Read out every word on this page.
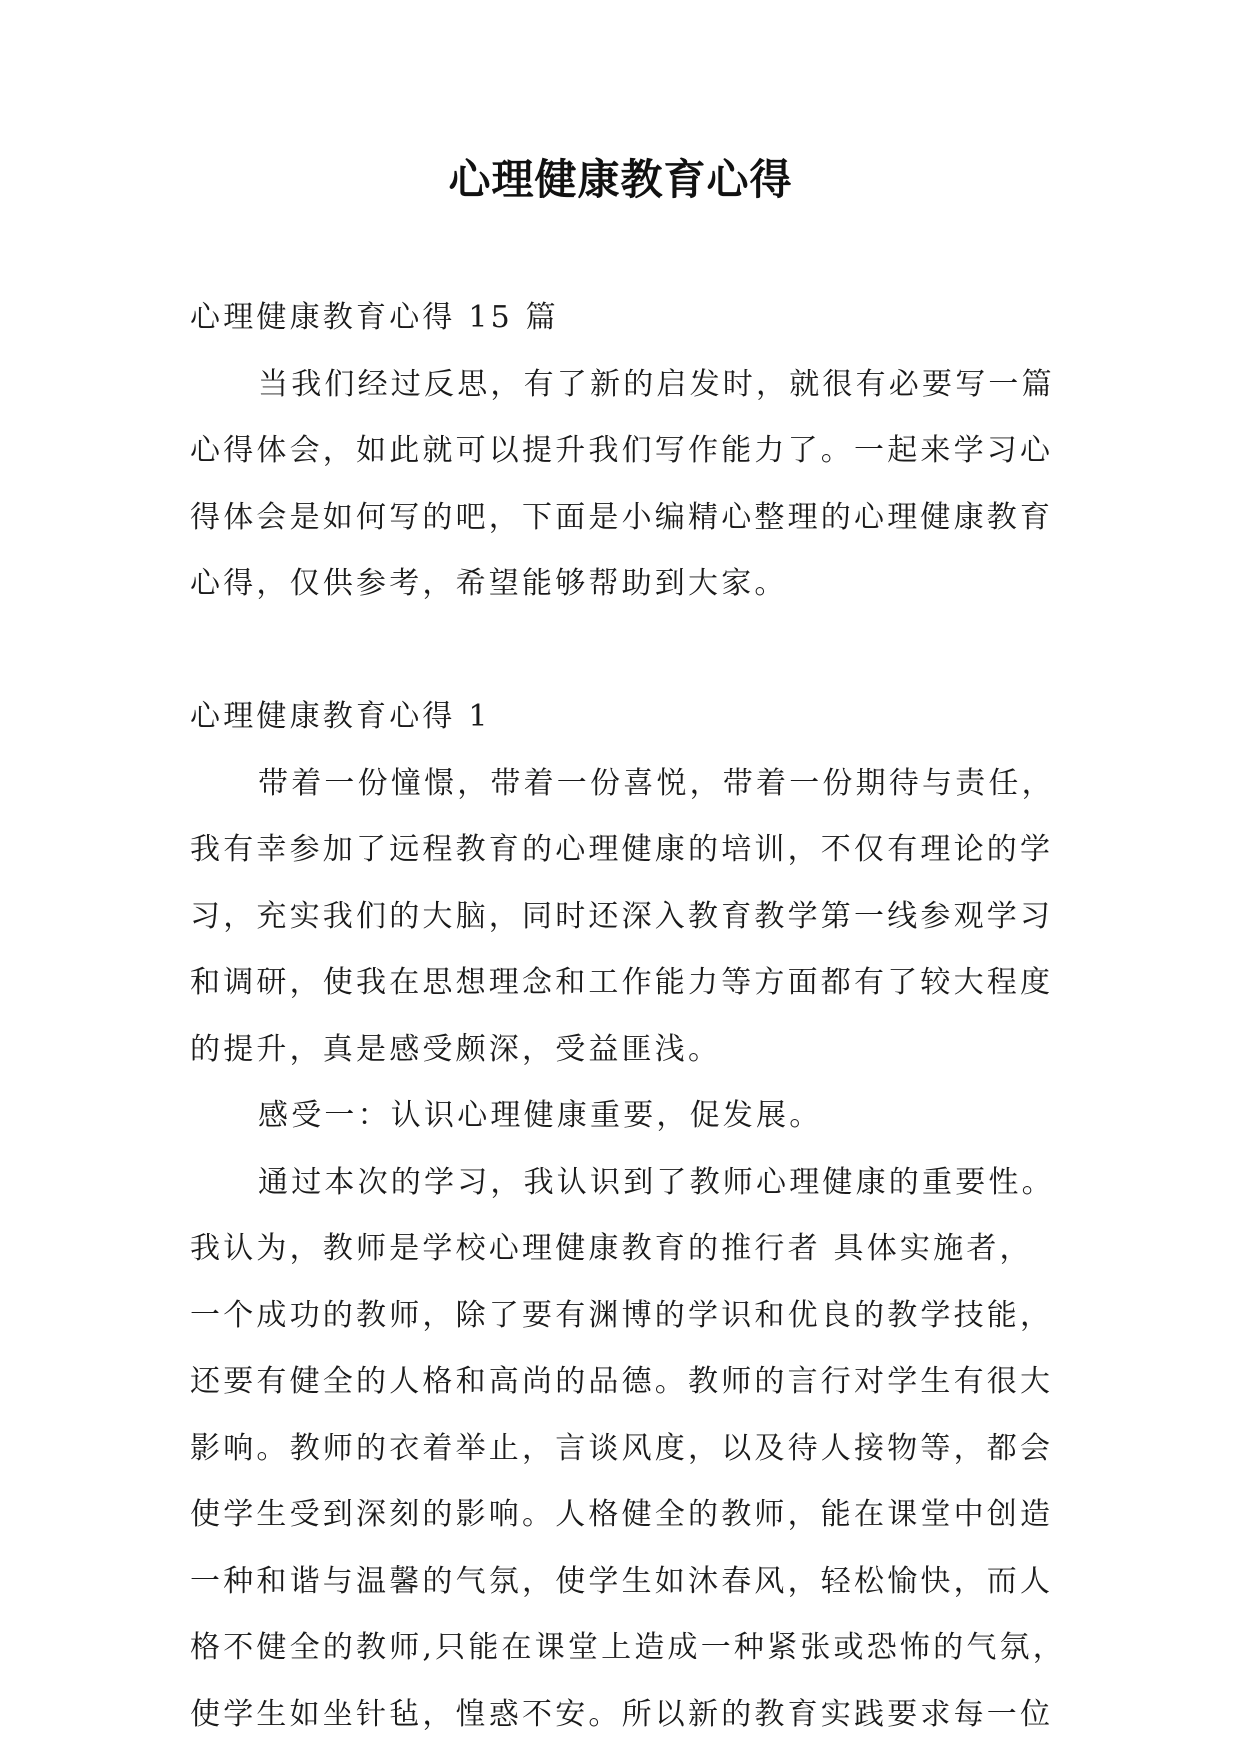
心理健康教育心得
心理健康教育心得 15 篇
当我们经过反思，有了新的启发时，就很有必要写一篇
心得体会，如此就可以提升我们写作能力了。一起来学习心
得体会是如何写的吧，下面是小编精心整理的心理健康教育
心得，仅供参考，希望能够帮助到大家。
心理健康教育心得 1
带着一份憧憬，带着一份喜悦，带着一份期待与责任，
我有幸参加了远程教育的心理健康的培训，不仅有理论的学
习，充实我们的大脑，同时还深入教育教学第一线参观学习
和调研，使我在思想理念和工作能力等方面都有了较大程度
的提升，真是感受颇深，受益匪浅。
感受一：认识心理健康重要，促发展。
通过本次的学习，我认识到了教师心理健康的重要性。
我认为，教师是学校心理健康教育的推行者 具体实施者，
一个成功的教师，除了要有渊博的学识和优良的教学技能，
还要有健全的人格和高尚的品德。教师的言行对学生有很大
影响。教师的衣着举止，言谈风度，以及待人接物等，都会
使学生受到深刻的影响。人格健全的教师，能在课堂中创造
一种和谐与温馨的气氛，使学生如沐春风，轻松愉快，而人
格不健全的教师,只能在课堂上造成一种紧张或恐怖的气氛，
使学生如坐针毡，惶惑不安。所以新的教育实践要求每一位
